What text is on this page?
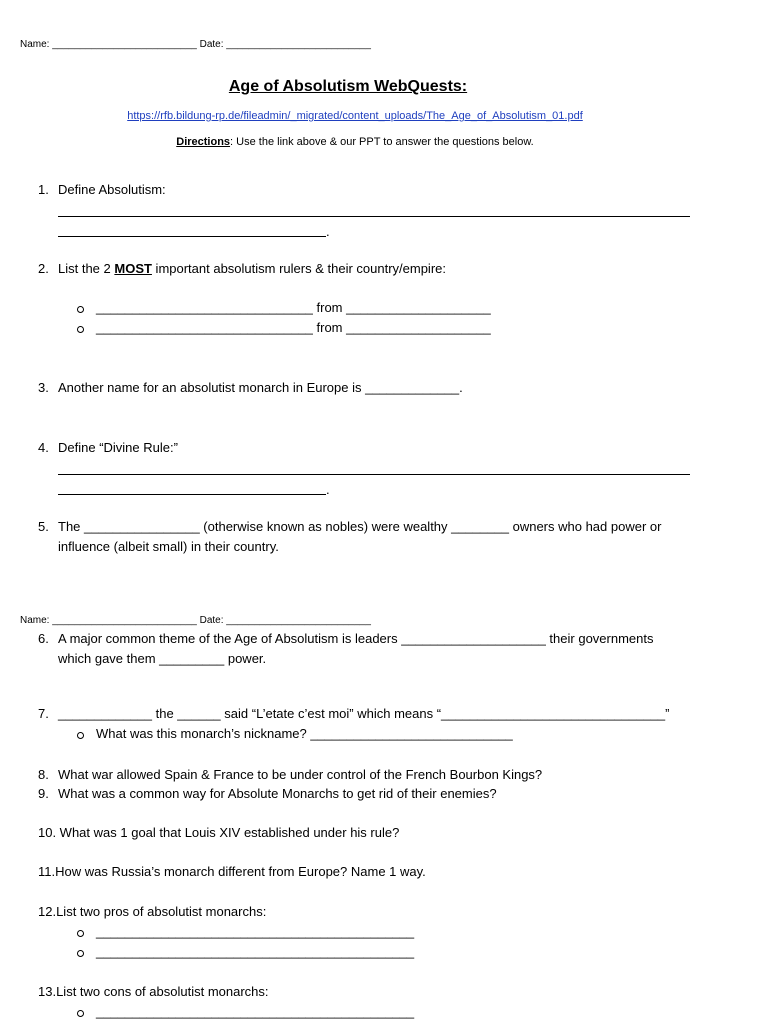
Name: __________________________ Date: __________________________
Age of Absolutism WebQuests:
https://rfb.bildung-rp.de/fileadmin/_migrated/content_uploads/The_Age_of_Absolutism_01.pdf
Directions: Use the link above & our PPT to answer the questions below.
1. Define Absolutism:
.
2. List the 2 MOST important absolutism rulers & their country/empire:
______________________________ from ____________________
______________________________ from ____________________
3. Another name for an absolutist monarch in Europe is _____________.
4. Define “Divine Rule:”
.
5. The ________________ (otherwise known as nobles) were wealthy ________ owners who had power or
influence (albeit small) in their country.
Name: __________________________ Date: __________________________
6. A major common theme of the Age of Absolutism is leaders ____________________ their governments
which gave them _________ power.
7. _____________ the ______ said “L’etate c’est moi” which means “_______________________________”
What was this monarch’s nickname? ____________________________
8. What war allowed Spain & France to be under control of the French Bourbon Kings?
9. What was a common way for Absolute Monarchs to get rid of their enemies?
10. What was 1 goal that Louis XIV established under his rule?
11.How was Russia’s monarch different from Europe? Name 1 way.
12.List two pros of absolutist monarchs:
____________________________________________
____________________________________________
13.List two cons of absolutist monarchs:
____________________________________________
